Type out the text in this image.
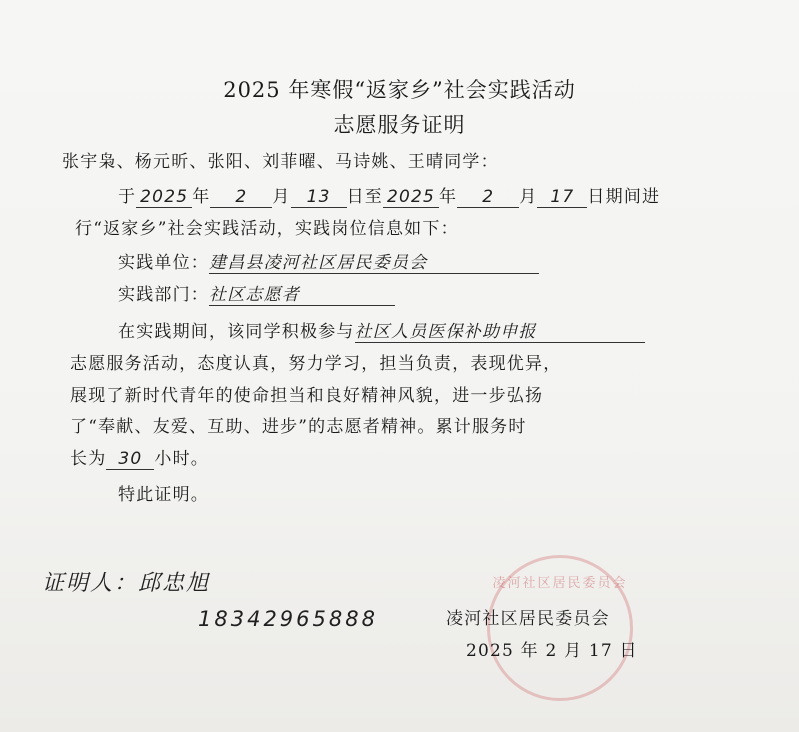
2025 年寒假“返家乡”社会实践活动
志愿服务证明
张宇枭、杨元昕、张阳、刘菲曜、马诗姚、王晴同学：
于 2025 年 2 月 13 日至 2025 年 2 月 17 日期间进
行“返家乡”社会实践活动，实践岗位信息如下：
实践单位：建昌县凌河社区居民委员会
实践部门：社区志愿者
在实践期间，该同学积极参与社区人员医保补助申报
志愿服务活动，态度认真，努力学习，担当负责，表现优异，
展现了新时代青年的使命担当和良好精神风貌，进一步弘扬
了“奉献、友爱、互助、进步”的志愿者精神。累计服务时
长为 30 小时。
特此证明。
凌河社区居民委员会
证明人：邱忠旭
18342965888	凌河社区居民委员会
2025 年 2 月 17 日
